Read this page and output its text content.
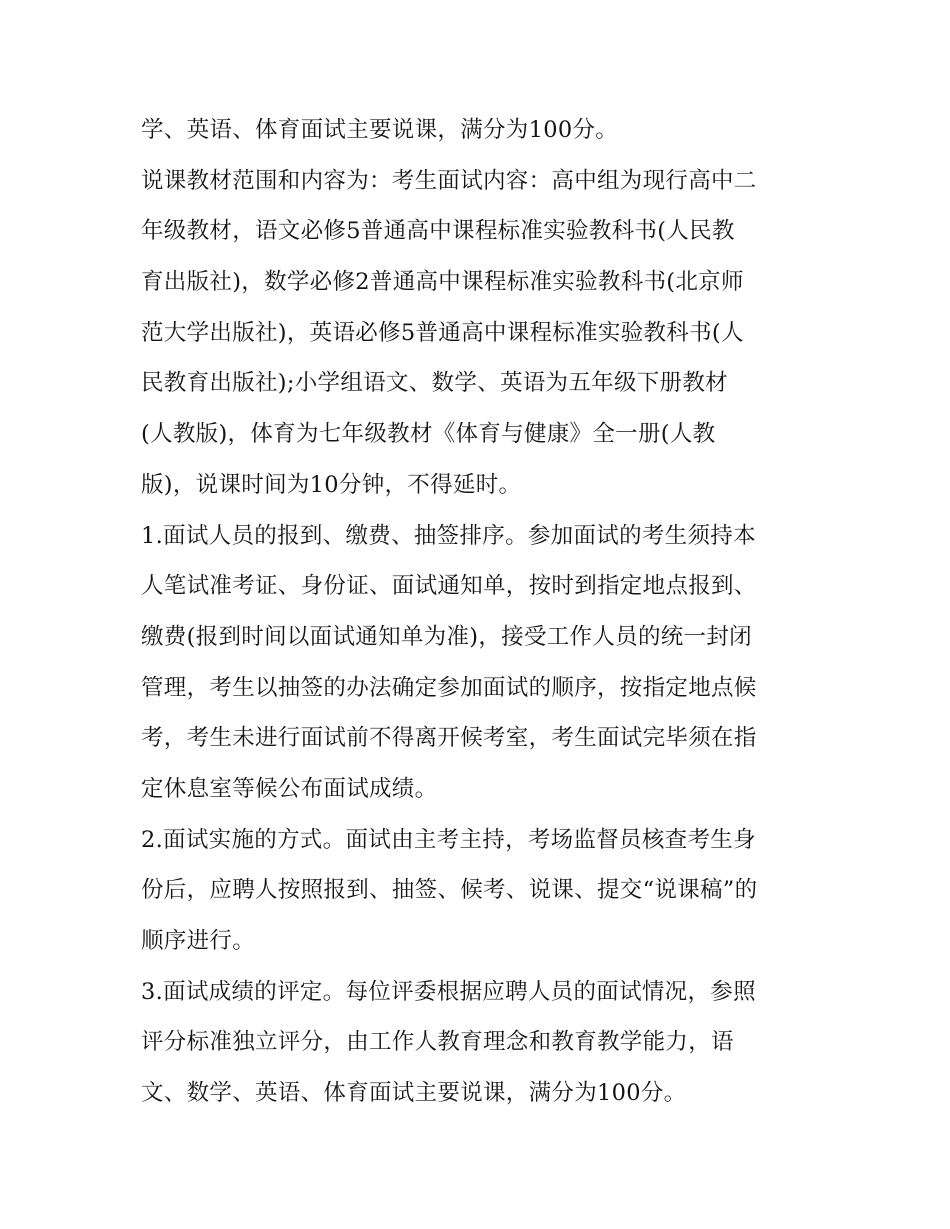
学、英语、体育面试主要说课，满分为100分。
说课教材范围和内容为：考生面试内容：高中组为现行高中二
年级教材，语文必修5普通高中课程标准实验教科书(人民教
育出版社)，数学必修2普通高中课程标准实验教科书(北京师
范大学出版社)，英语必修5普通高中课程标准实验教科书(人
民教育出版社);小学组语文、数学、英语为五年级下册教材
(人教版)，体育为七年级教材《体育与健康》全一册(人教
版)，说课时间为10分钟，不得延时。
1.面试人员的报到、缴费、抽签排序。参加面试的考生须持本
人笔试准考证、身份证、面试通知单，按时到指定地点报到、
缴费(报到时间以面试通知单为准)，接受工作人员的统一封闭
管理，考生以抽签的办法确定参加面试的顺序，按指定地点候
考，考生未进行面试前不得离开候考室，考生面试完毕须在指
定休息室等候公布面试成绩。
2.面试实施的方式。面试由主考主持，考场监督员核查考生身
份后，应聘人按照报到、抽签、候考、说课、提交“说课稿”的
顺序进行。
3.面试成绩的评定。每位评委根据应聘人员的面试情况，参照
评分标准独立评分，由工作人教育理念和教育教学能力，语
文、数学、英语、体育面试主要说课，满分为100分。
